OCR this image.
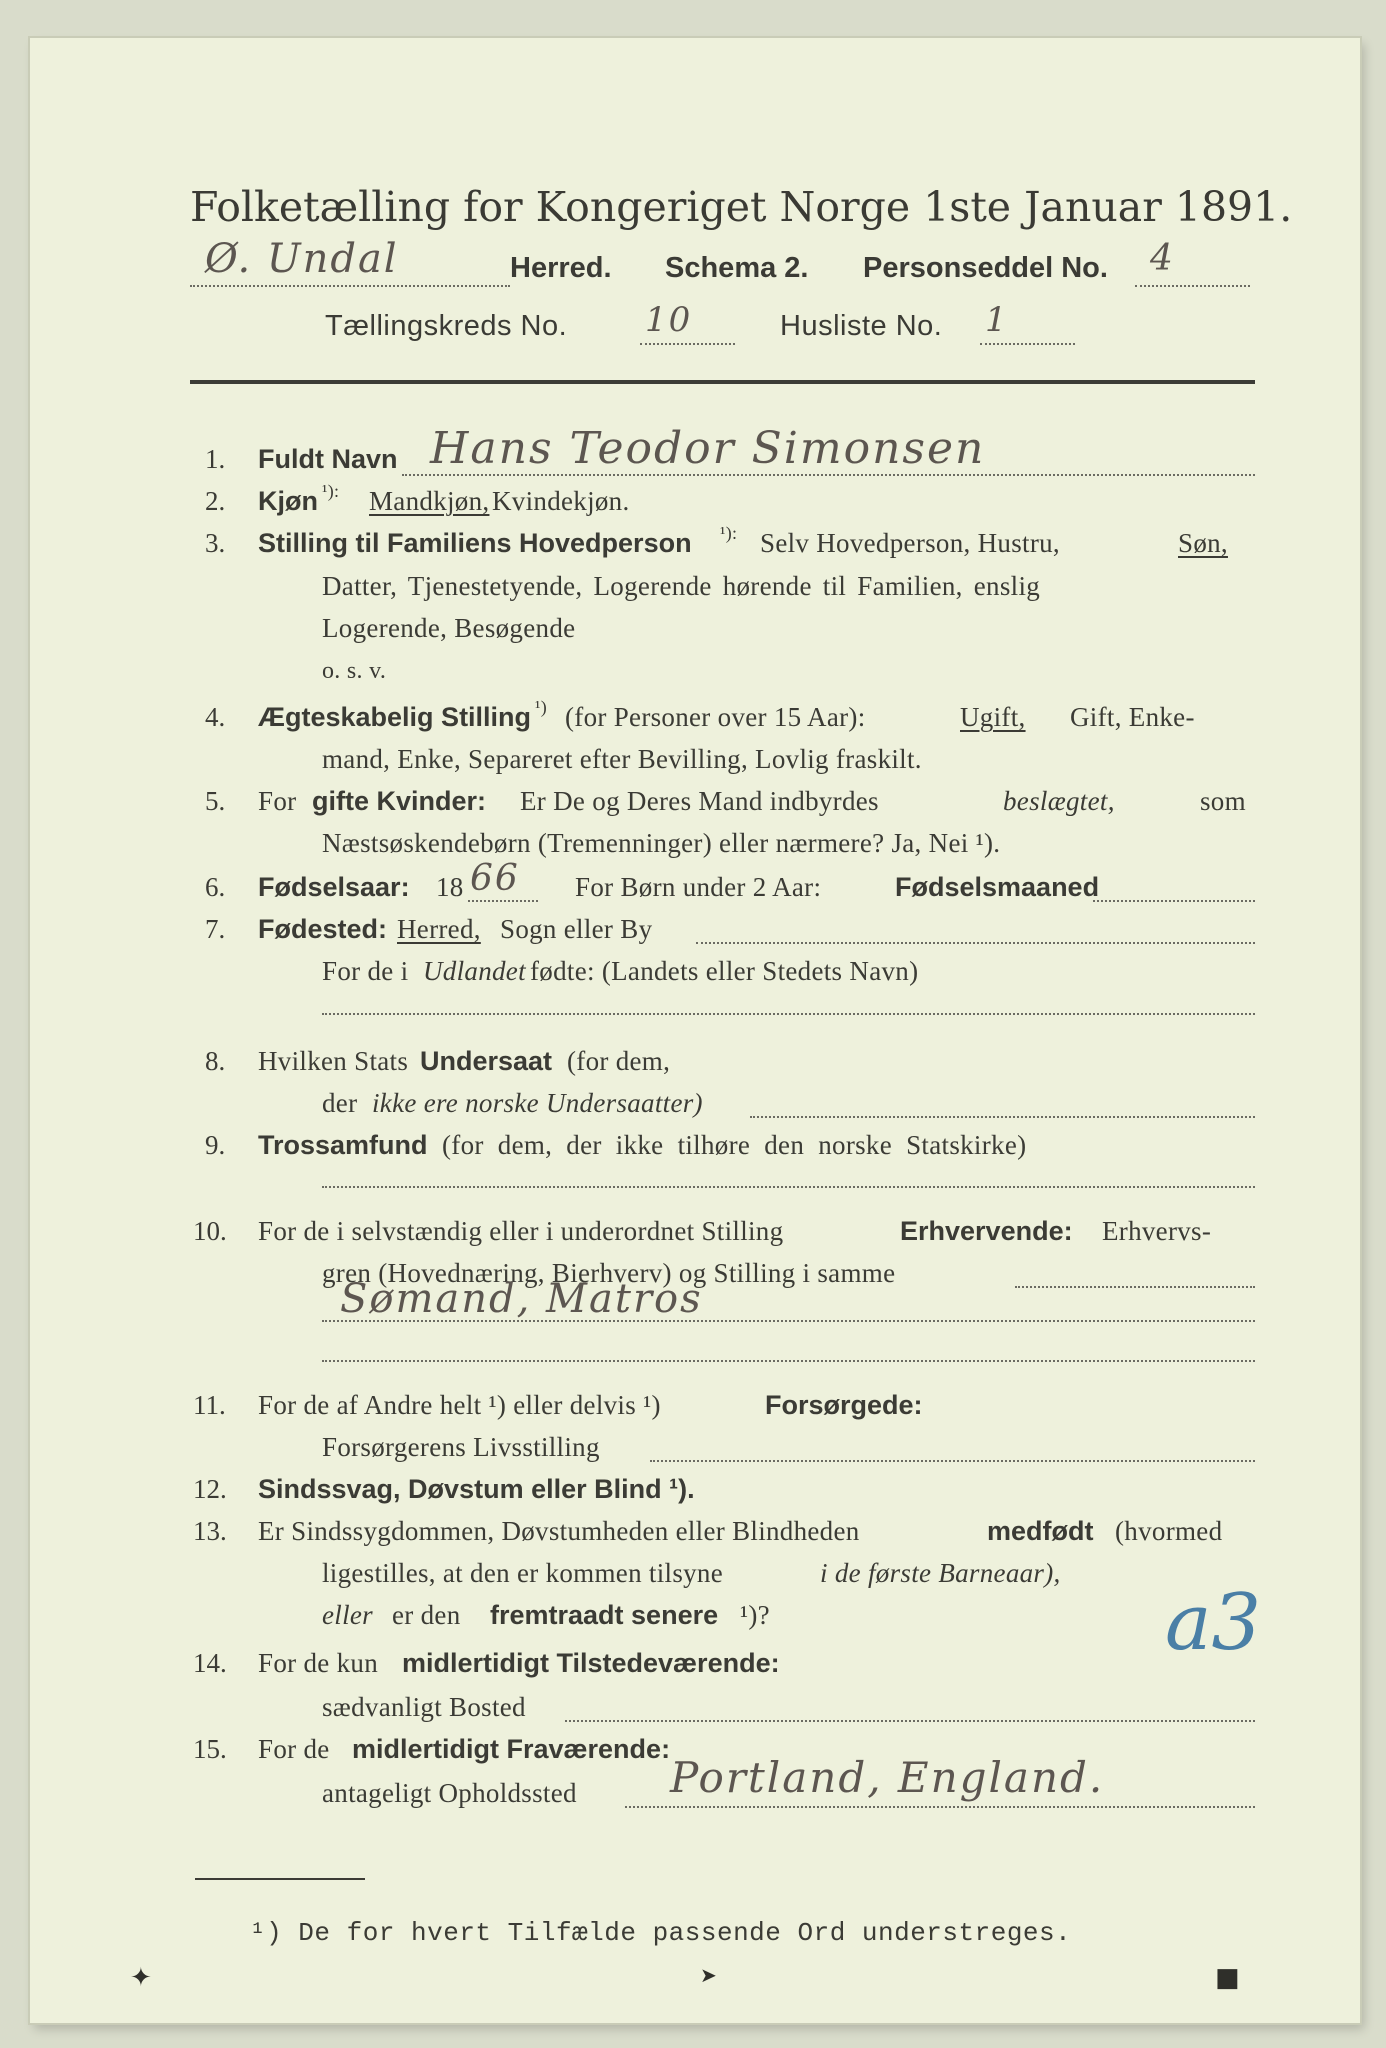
Folketælling for Kongeriget Norge 1ste Januar 1891.
Ø. Undal	Herred. Schema 2. Personseddel No. 4
Tællingskreds No. 10	Husliste No. 1
1. Fuldt Navn Hans Teodor Simonsen
2. Kjøn ¹): Mandkjøn, Kvindekjøn.
3. Stilling til Familiens Hovedperson ¹): Selv Hovedperson, Hustru,	Søn,
Datter, Tjenestetyende, Logerende hørende til Familien, enslig
Logerende, Besøgende
o. s. v.
4. Ægteskabelig Stilling ¹) (for Personer over 15 Aar):	Ugift, Gift, Enke-
mand, Enke, Separeret efter Bevilling, Lovlig fraskilt.
5. For gifte Kvinder: Er De og Deres Mand indbyrdes	beslægtet,	som
Næstsøskendebørn (Tremenninger) eller nærmere? Ja, Nei ¹).
6. Fødselsaar: 18 66 For Børn under 2 Aar:	Fødselsmaaned
7. Fødested: Herred, Sogn eller By
For de i Udlandet fødte: (Landets eller Stedets Navn)
8. Hvilken Stats Undersaat (for dem,
der ikke ere norske Undersaatter)
9. Trossamfund (for  dem,  der  ikke  tilhøre  den  norske  Statskirke)
10. For de i selvstændig eller i underordnet Stilling	Erhvervende: Erhvervs-
gren (Hovednæring, Bierhverv) og Stilling i samme
Sømand, Matros
11. For de af Andre helt ¹) eller delvis ¹)	Forsørgede:
Forsørgerens Livsstilling
12. Sindssvag, Døvstum eller Blind ¹).
13. Er Sindssygdommen, Døvstumheden eller Blindheden	medfødt (hvormed
ligestilles, at den er kommen tilsyne	i de første Barneaar),
eller er den fremtraadt senere ¹)?	a3
14. For de kun midlertidigt Tilstedeværende:
sædvanligt Bosted
15. For de midlertidigt Fraværende:
antageligt Opholdssted Portland, England.
¹) De for hvert Tilfælde passende Ord understreges.
✦	➤	■
